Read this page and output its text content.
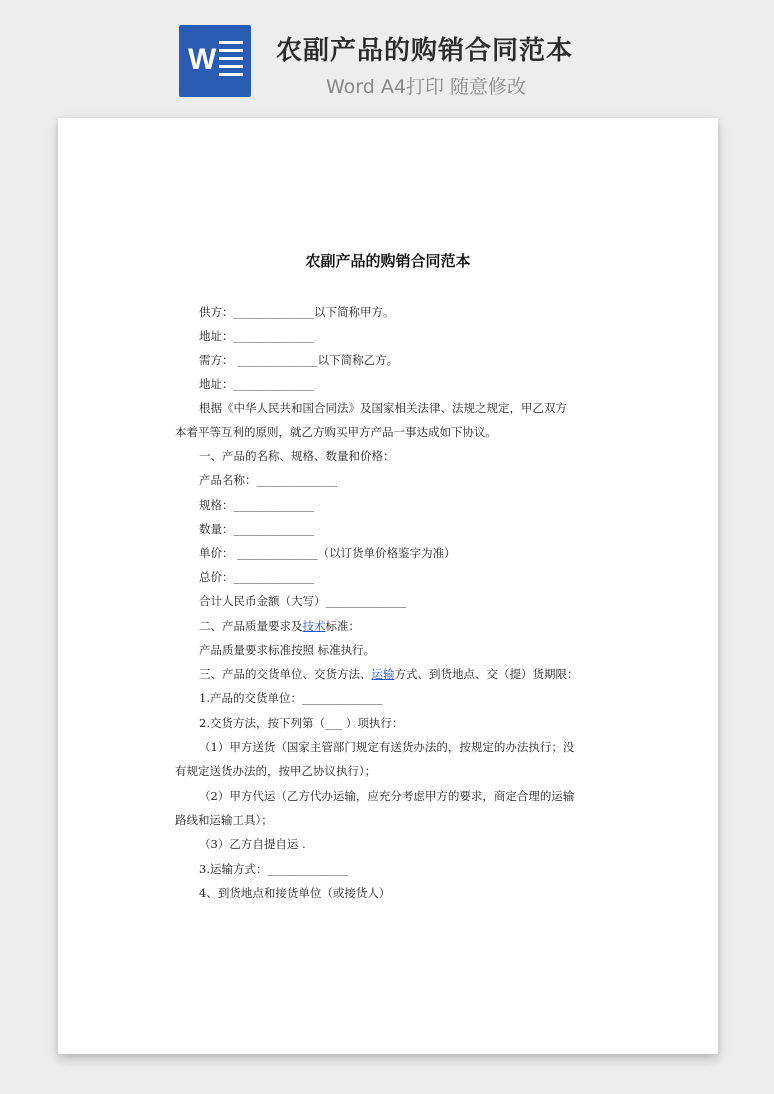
W 农副产品的购销合同范本
Word A4打印 随意修改

农副产品的购销合同范本
供方：______________以下简称甲方。
地址：______________
需方： ______________以下简称乙方。
地址：______________
根据《中华人民共和国合同法》及国家相关法律、法规之规定，甲乙双方
本着平等互利的原则，就乙方购买甲方产品一事达成如下协议。
一、产品的名称、规格、数量和价格：
产品名称：______________
规格：______________
数量：______________
单价： ______________（以订货单价格鉴字为准）
总价：______________
合计人民币金额（大写）______________
二、产品质量要求及技术标准：
产品质量要求标准按照 标准执行。
三、产品的交货单位、交货方法、运输方式、到货地点、交（提）货期限：
1.产品的交货单位：______________
2.交货方法，按下列第（___ ）项执行：
（1）甲方送货（国家主管部门规定有送货办法的，按规定的办法执行；没
有规定送货办法的，按甲乙协议执行）；
（2）甲方代运（乙方代办运输，应充分考虑甲方的要求，商定合理的运输
路线和运输工具）；
（3）乙方自提自运 .
3.运输方式：______________
4、到货地点和接货单位（或接货人）
